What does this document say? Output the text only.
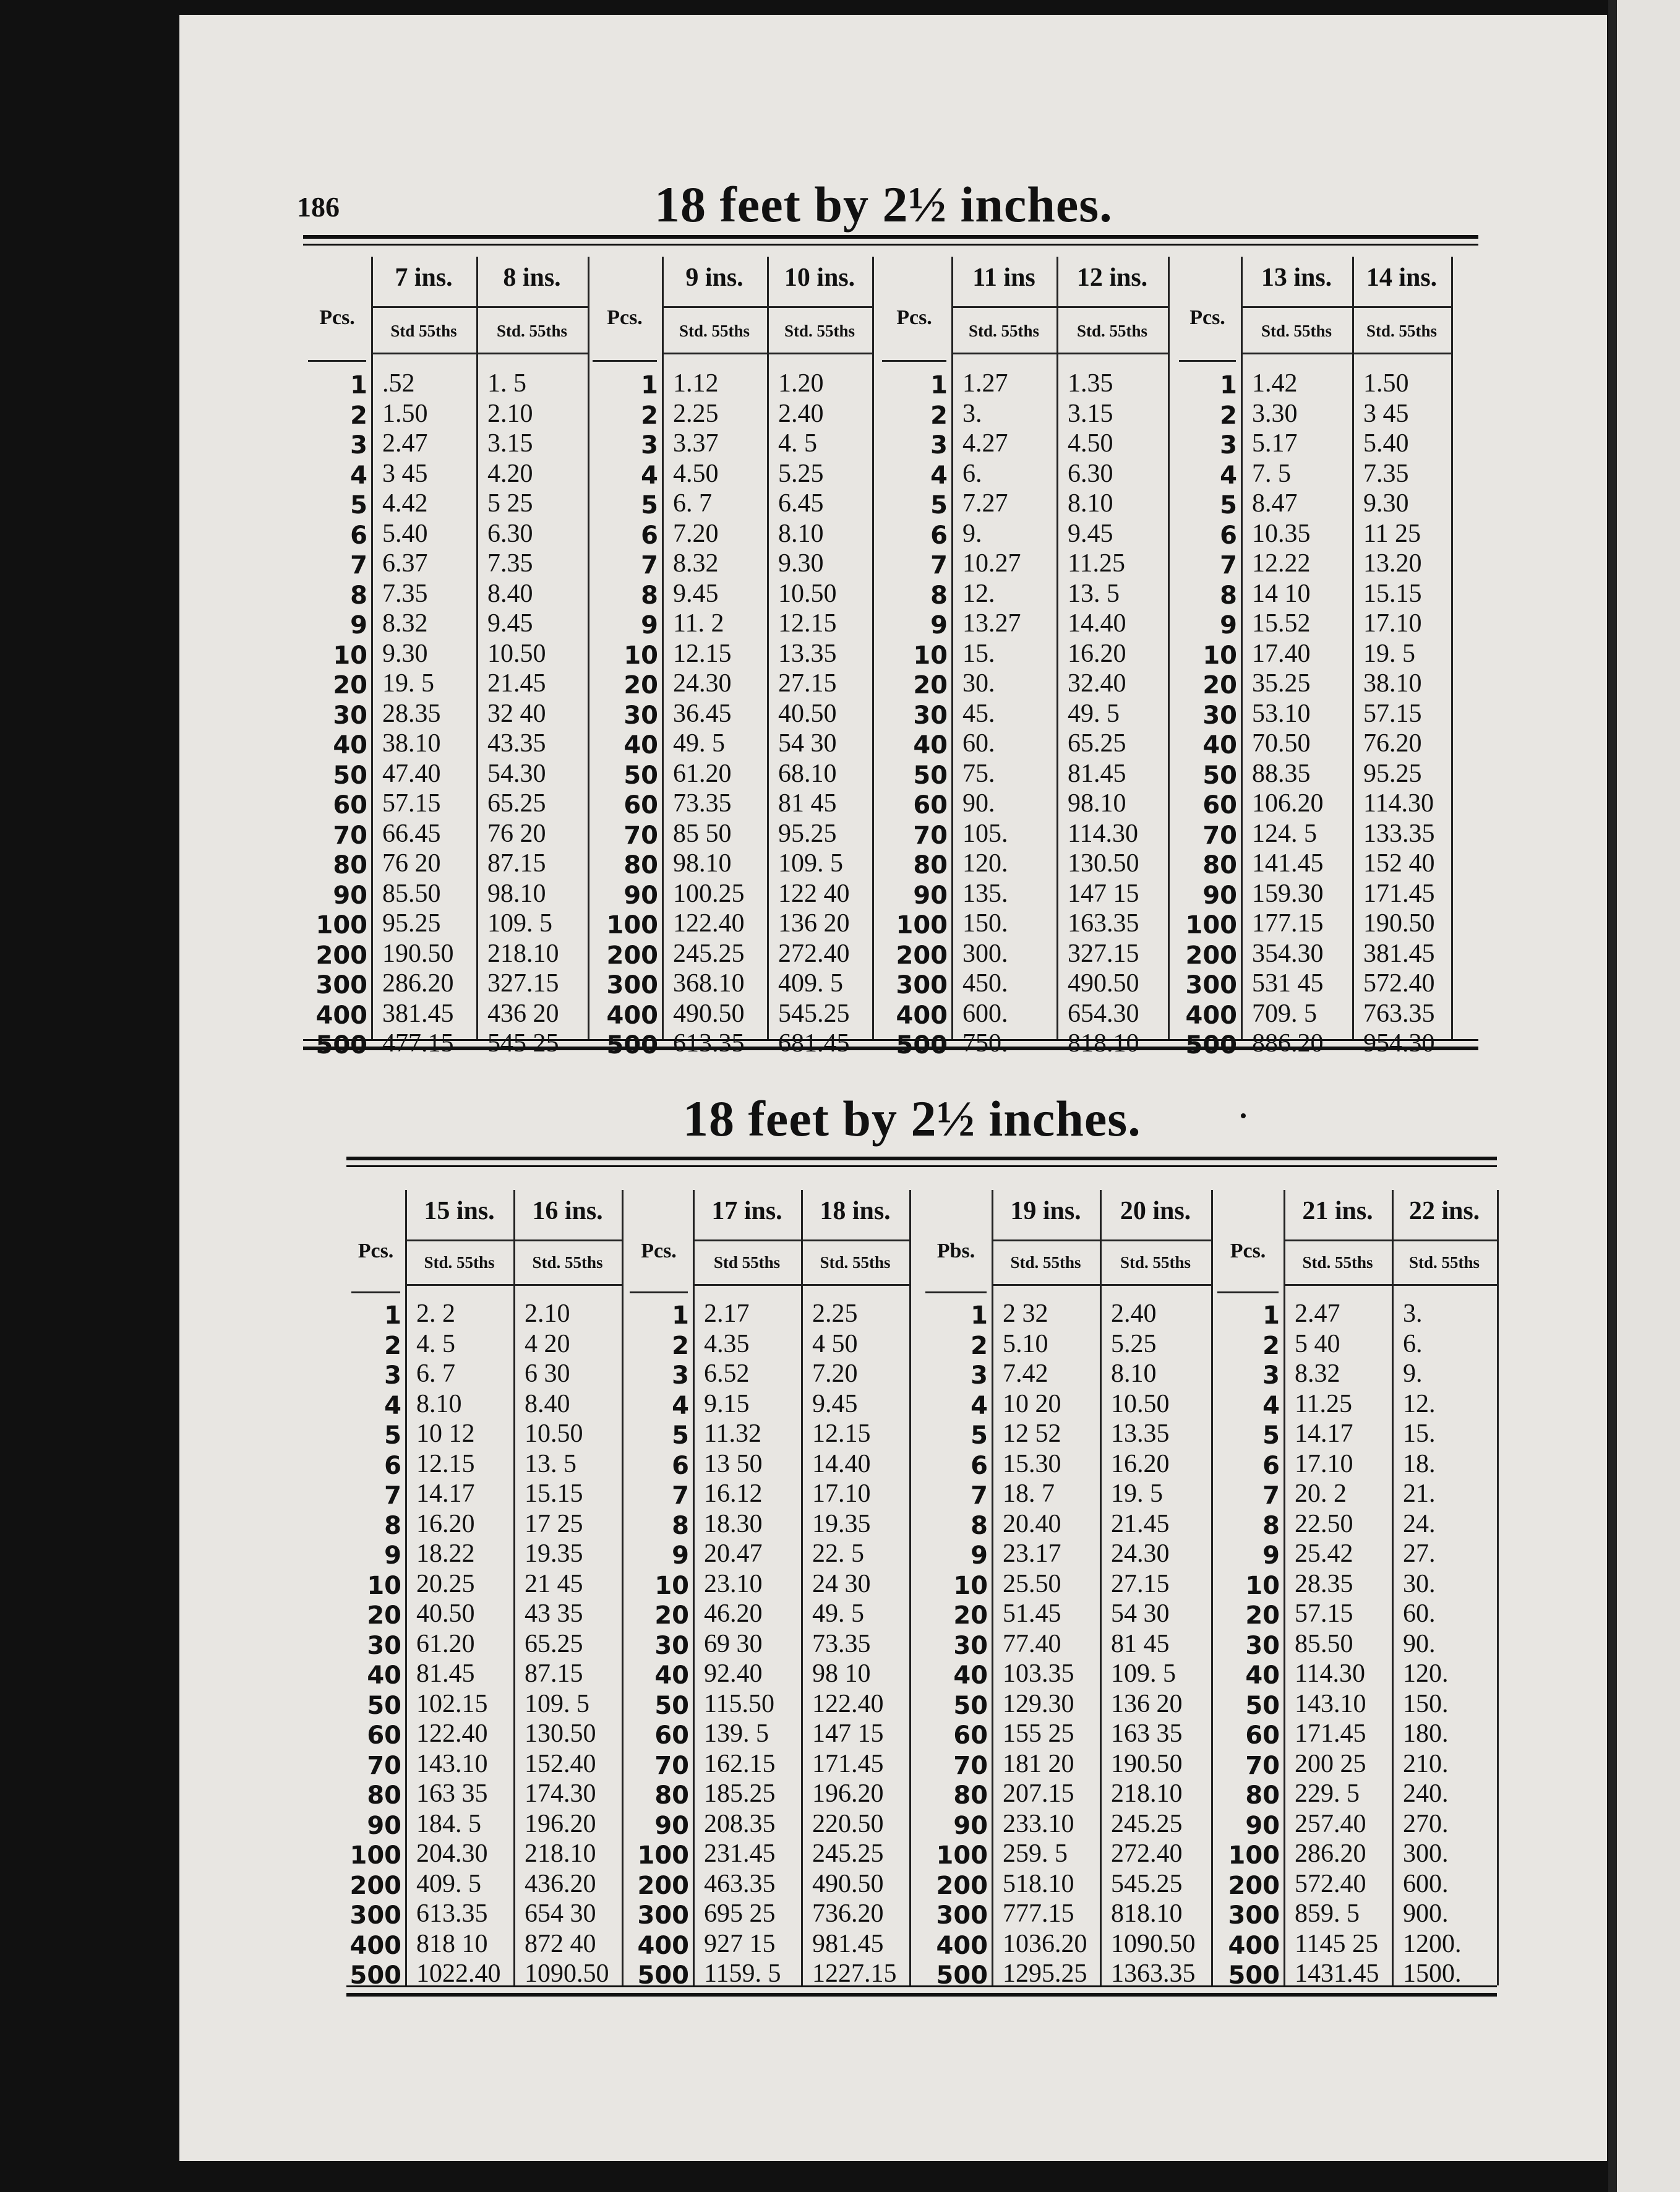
186	18 feet by 2½ inches.
18 feet by 2½ inches.
Pcs.
1
2
3
4
5
6
7
8
9
10
20
30
40
50
60
70
80
90
100
200
300
400
500
7 ins.
Std 55ths
.52
1.50
2.47
3 45
4.42
5.40
6.37
7.35
8.32
9.30
19. 5
28.35
38.10
47.40
57.15
66.45
76 20
85.50
95.25
190.50
286.20
381.45
477.15
8 ins.
Std. 55ths
1. 5
2.10
3.15
4.20
5 25
6.30
7.35
8.40
9.45
10.50
21.45
32 40
43.35
54.30
65.25
76 20
87.15
98.10
109. 5
218.10
327.15
436 20
545 25
Pcs.
1
2
3
4
5
6
7
8
9
10
20
30
40
50
60
70
80
90
100
200
300
400
500
9 ins.
Std. 55ths
1.12
2.25
3.37
4.50
6. 7
7.20
8.32
9.45
11. 2
12.15
24.30
36.45
49. 5
61.20
73.35
85 50
98.10
100.25
122.40
245.25
368.10
490.50
613.35
10 ins.
Std. 55ths
1.20
2.40
4. 5
5.25
6.45
8.10
9.30
10.50
12.15
13.35
27.15
40.50
54 30
68.10
81 45
95.25
109. 5
122 40
136 20
272.40
409. 5
545.25
681.45
Pcs.
1
2
3
4
5
6
7
8
9
10
20
30
40
50
60
70
80
90
100
200
300
400
500
11 ins
Std. 55ths
1.27
3.
4.27
6.
7.27
9.
10.27
12.
13.27
15.
30.
45.
60.
75.
90.
105.
120.
135.
150.
300.
450.
600.
750.
12 ins.
Std. 55ths
1.35
3.15
4.50
6.30
8.10
9.45
11.25
13. 5
14.40
16.20
32.40
49. 5
65.25
81.45
98.10
114.30
130.50
147 15
163.35
327.15
490.50
654.30
818.10
Pcs.
1
2
3
4
5
6
7
8
9
10
20
30
40
50
60
70
80
90
100
200
300
400
500
13 ins.
Std. 55ths
1.42
3.30
5.17
7. 5
8.47
10.35
12.22
14 10
15.52
17.40
35.25
53.10
70.50
88.35
106.20
124. 5
141.45
159.30
177.15
354.30
531 45
709. 5
886.20
14 ins.
Std. 55ths
1.50
3 45
5.40
7.35
9.30
11 25
13.20
15.15
17.10
19. 5
38.10
57.15
76.20
95.25
114.30
133.35
152 40
171.45
190.50
381.45
572.40
763.35
954.30
Pcs.
1
2
3
4
5
6
7
8
9
10
20
30
40
50
60
70
80
90
100
200
300
400
500
15 ins.
Std. 55ths
2. 2
4. 5
6. 7
8.10
10 12
12.15
14.17
16.20
18.22
20.25
40.50
61.20
81.45
102.15
122.40
143.10
163 35
184. 5
204.30
409. 5
613.35
818 10
1022.40
16 ins.
Std. 55ths
2.10
4 20
6 30
8.40
10.50
13. 5
15.15
17 25
19.35
21 45
43 35
65.25
87.15
109. 5
130.50
152.40
174.30
196.20
218.10
436.20
654 30
872 40
1090.50
Pcs.
1
2
3
4
5
6
7
8
9
10
20
30
40
50
60
70
80
90
100
200
300
400
500
17 ins.
Std 55ths
2.17
4.35
6.52
9.15
11.32
13 50
16.12
18.30
20.47
23.10
46.20
69 30
92.40
115.50
139. 5
162.15
185.25
208.35
231.45
463.35
695 25
927 15
1159. 5
18 ins.
Std. 55ths
2.25
4 50
7.20
9.45
12.15
14.40
17.10
19.35
22. 5
24 30
49. 5
73.35
98 10
122.40
147 15
171.45
196.20
220.50
245.25
490.50
736.20
981.45
1227.15
Pbs.
1
2
3
4
5
6
7
8
9
10
20
30
40
50
60
70
80
90
100
200
300
400
500
19 ins.
Std. 55ths
2 32
5.10
7.42
10 20
12 52
15.30
18. 7
20.40
23.17
25.50
51.45
77.40
103.35
129.30
155 25
181 20
207.15
233.10
259. 5
518.10
777.15
1036.20
1295.25
20 ins.
Std. 55ths
2.40
5.25
8.10
10.50
13.35
16.20
19. 5
21.45
24.30
27.15
54 30
81 45
109. 5
136 20
163 35
190.50
218.10
245.25
272.40
545.25
818.10
1090.50
1363.35
Pcs.
1
2
3
4
5
6
7
8
9
10
20
30
40
50
60
70
80
90
100
200
300
400
500
21 ins.
Std. 55ths
2.47
5 40
8.32
11.25
14.17
17.10
20. 2
22.50
25.42
28.35
57.15
85.50
114.30
143.10
171.45
200 25
229. 5
257.40
286.20
572.40
859. 5
1145 25
1431.45
22 ins.
Std. 55ths
3.
6.
9.
12.
15.
18.
21.
24.
27.
30.
60.
90.
120.
150.
180.
210.
240.
270.
300.
600.
900.
1200.
1500.
